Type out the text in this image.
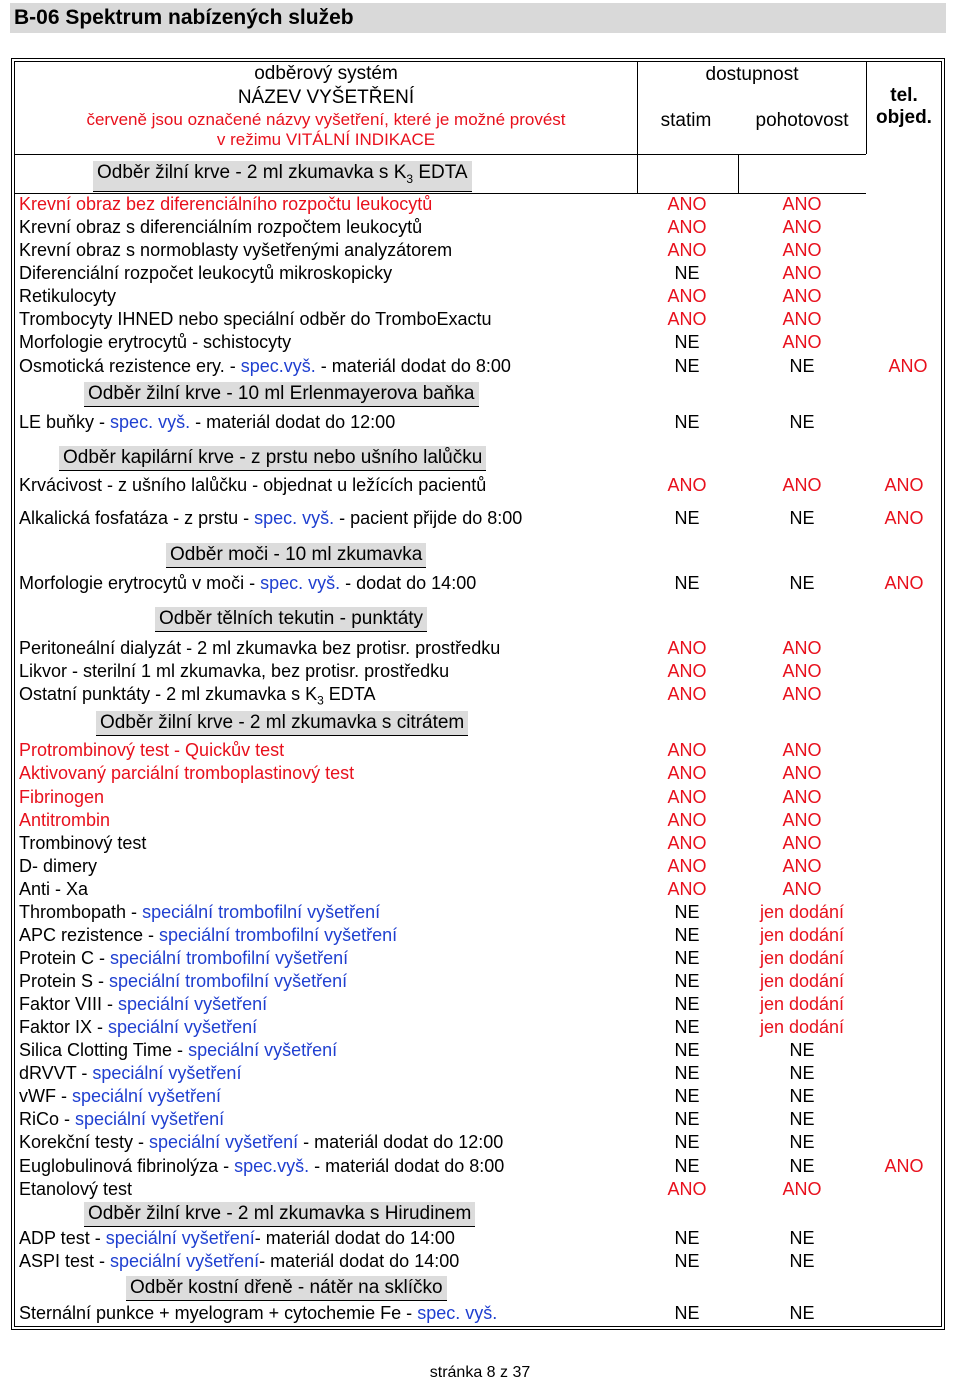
B-06 Spektrum nabízených služeb
odběrový systém
NÁZEV VYŠETŘENÍ
červeně jsou označené názvy vyšetření, které je možné provést
v režimu VITÁLNÍ INDIKACE
dostupnost
statim	pohotovost
tel.
objed.
Odběr žilní krve - 2 ml zkumavka s $K_3$ EDTA
Odběr žilní krve - 10 ml Erlenmayerova baňka
Odběr kapilární krve - z prstu nebo ušního lalůčku
Odběr moči - 10 ml zkumavka
Odběr tělních tekutin - punktáty
Odběr žilní krve - 2 ml zkumavka s citrátem
Odběr žilní krve - 2 ml zkumavka s Hirudinem
Odběr kostní dřeně - nátěr na sklíčko
Krevní obraz bez diferenciálního rozpočtu leukocytů	ANO	ANO
Krevní obraz s diferenciálním rozpočtem leukocytů	ANO	ANO
Krevní obraz s normoblasty vyšetřenými analyzátorem	ANO	ANO
Diferenciální rozpočet leukocytů mikroskopicky	NE	ANO
Retikulocyty	ANO	ANO
Trombocyty IHNED nebo speciální odběr do TromboExactu	ANO	ANO
Morfologie erytrocytů - schistocyty	NE	ANO
Osmotická rezistence ery. - spec.vyš. - materiál dodat do 8:00	NE	NE	ANO
LE buňky - spec. vyš. - materiál dodat do 12:00	NE	NE
Krvácivost - z ušního lalůčku - objednat u ležících pacientů	ANO	ANO	ANO
Alkalická fosfatáza - z prstu - spec. vyš. - pacient přijde do 8:00	NE	NE	ANO
Morfologie erytrocytů v moči - spec. vyš. - dodat do 14:00	NE	NE	ANO
Peritoneální dialyzát - 2 ml zkumavka bez protisr. prostředku	ANO	ANO
Likvor - sterilní 1 ml zkumavka, bez protisr. prostředku	ANO	ANO
Ostatní punktáty - 2 ml zkumavka s $K_3$ EDTA	ANO	ANO
Protrombinový test - Quickův test	ANO	ANO
Aktivovaný parciální tromboplastinový test	ANO	ANO
Fibrinogen	ANO	ANO
Antitrombin	ANO	ANO
Trombinový test	ANO	ANO
D- dimery	ANO	ANO
Anti - Xa	ANO	ANO
Thrombopath - speciální trombofilní vyšetření	NE	jen dodání
APC rezistence - speciální trombofilní vyšetření	NE	jen dodání
Protein C - speciální trombofilní vyšetření	NE	jen dodání
Protein S - speciální trombofilní vyšetření	NE	jen dodání
Faktor VIII - speciální vyšetření	NE	jen dodání
Faktor IX - speciální vyšetření	NE	jen dodání
Silica Clotting Time - speciální vyšetření	NE	NE
dRVVT - speciální vyšetření	NE	NE
vWF - speciální vyšetření	NE	NE
RiCo - speciální vyšetření	NE	NE
Korekční testy - speciální vyšetření - materiál dodat do 12:00	NE	NE
Euglobulinová fibrinolýza - spec.vyš. - materiál dodat do 8:00	NE	NE	ANO
Etanolový test	ANO	ANO
ADP test - speciální vyšetření- materiál dodat do 14:00	NE	NE
ASPI test - speciální vyšetření- materiál dodat do 14:00	NE	NE
Sternální punkce + myelogram + cytochemie Fe - spec. vyš.	NE	NE
stránka 8 z 37
